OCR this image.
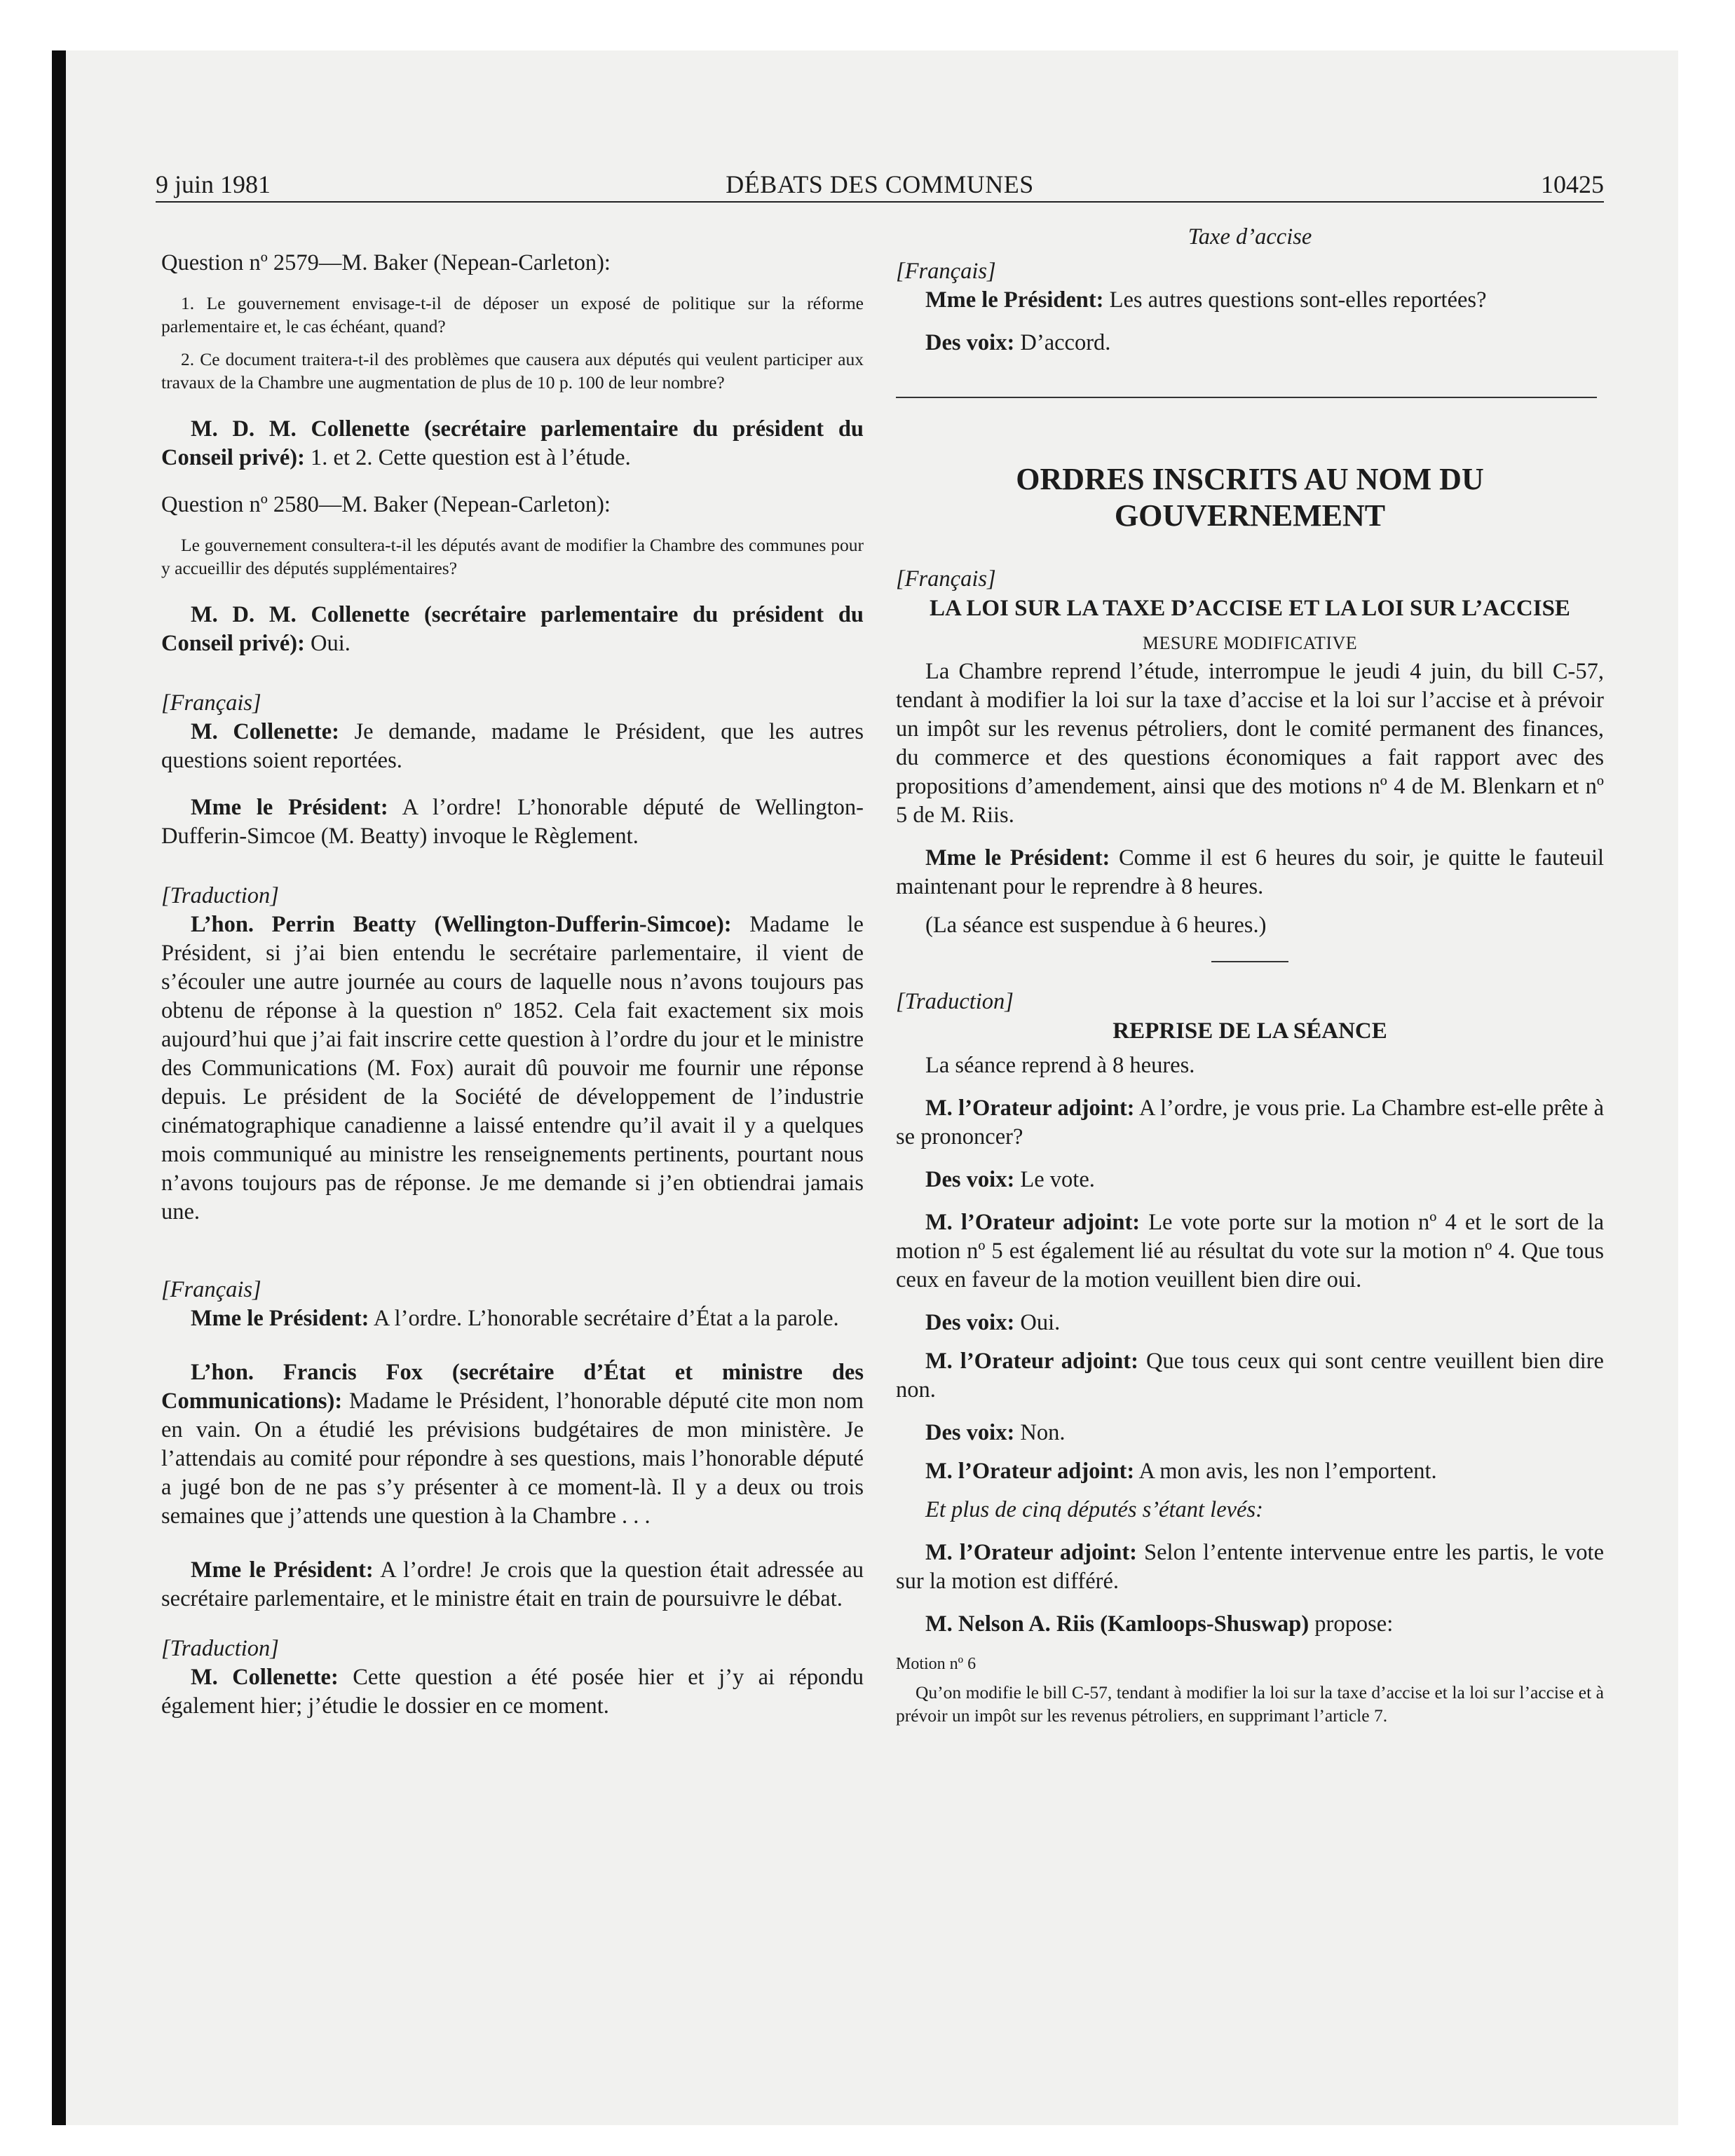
9 juin 1981	DÉBATS DES COMMUNES	10425

Question nº 2579—M. Baker (Nepean-Carleton):

1. Le gouvernement envisage-t-il de déposer un exposé de politique sur la réforme parlementaire et, le cas échéant, quand?

2. Ce document traitera-t-il des problèmes que causera aux députés qui veulent participer aux travaux de la Chambre une augmentation de plus de 10 p. 100 de leur nombre?

M. D. M. Collenette (secrétaire parlementaire du président du Conseil privé): 1. et 2. Cette question est à l’étude.

Question nº 2580—M. Baker (Nepean-Carleton):

Le gouvernement consultera-t-il les députés avant de modifier la Chambre des communes pour y accueillir des députés supplémentaires?

M. D. M. Collenette (secrétaire parlementaire du président du Conseil privé): Oui.

[Français]

M. Collenette: Je demande, madame le Président, que les autres questions soient reportées.

Mme le Président: A l’ordre! L’honorable député de Wellington-Dufferin-Simcoe (M. Beatty) invoque le Règlement.

[Traduction]

L’hon. Perrin Beatty (Wellington-Dufferin-Simcoe): Madame le Président, si j’ai bien entendu le secrétaire parlementaire, il vient de s’écouler une autre journée au cours de laquelle nous n’avons toujours pas obtenu de réponse à la question nº 1852. Cela fait exactement six mois aujourd’hui que j’ai fait inscrire cette question à l’ordre du jour et le ministre des Communications (M. Fox) aurait dû pouvoir me fournir une réponse depuis. Le président de la Société de développement de l’industrie cinématographique canadienne a laissé entendre qu’il avait il y a quelques mois communiqué au ministre les renseignements pertinents, pourtant nous n’avons toujours pas de réponse. Je me demande si j’en obtiendrai jamais une.

[Français]

Mme le Président: A l’ordre. L’honorable secrétaire d’État a la parole.

L’hon. Francis Fox (secrétaire d’État et ministre des Communications): Madame le Président, l’honorable député cite mon nom en vain. On a étudié les prévisions budgétaires de mon ministère. Je l’attendais au comité pour répondre à ses questions, mais l’honorable député a jugé bon de ne pas s’y présenter à ce moment-là. Il y a deux ou trois semaines que j’attends une question à la Chambre . . .

Mme le Président: A l’ordre! Je crois que la question était adressée au secrétaire parlementaire, et le ministre était en train de poursuivre le débat.

[Traduction]

M. Collenette: Cette question a été posée hier et j’y ai répondu également hier; j’étudie le dossier en ce moment.

Taxe d’accise

[Français]

Mme le Président: Les autres questions sont-elles reportées?

Des voix: D’accord.

ORDRES INSCRITS AU NOM DU GOUVERNEMENT

[Français]

LA LOI SUR LA TAXE D’ACCISE ET LA LOI SUR L’ACCISE

MESURE MODIFICATIVE

La Chambre reprend l’étude, interrompue le jeudi 4 juin, du bill C-57, tendant à modifier la loi sur la taxe d’accise et la loi sur l’accise et à prévoir un impôt sur les revenus pétroliers, dont le comité permanent des finances, du commerce et des questions économiques a fait rapport avec des propositions d’amendement, ainsi que des motions nº 4 de M. Blenkarn et nº 5 de M. Riis.

Mme le Président: Comme il est 6 heures du soir, je quitte le fauteuil maintenant pour le reprendre à 8 heures.

(La séance est suspendue à 6 heures.)

[Traduction]

REPRISE DE LA SÉANCE

La séance reprend à 8 heures.

M. l’Orateur adjoint: A l’ordre, je vous prie. La Chambre est-elle prête à se prononcer?

Des voix: Le vote.

M. l’Orateur adjoint: Le vote porte sur la motion nº 4 et le sort de la motion nº 5 est également lié au résultat du vote sur la motion nº 4. Que tous ceux en faveur de la motion veuillent bien dire oui.

Des voix: Oui.

M. l’Orateur adjoint: Que tous ceux qui sont centre veuillent bien dire non.

Des voix: Non.

M. l’Orateur adjoint: A mon avis, les non l’emportent.

Et plus de cinq députés s’étant levés:

M. l’Orateur adjoint: Selon l’entente intervenue entre les partis, le vote sur la motion est différé.

M. Nelson A. Riis (Kamloops-Shuswap) propose:

Motion nº 6

Qu’on modifie le bill C-57, tendant à modifier la loi sur la taxe d’accise et la loi sur l’accise et à prévoir un impôt sur les revenus pétroliers, en supprimant l’article 7.
